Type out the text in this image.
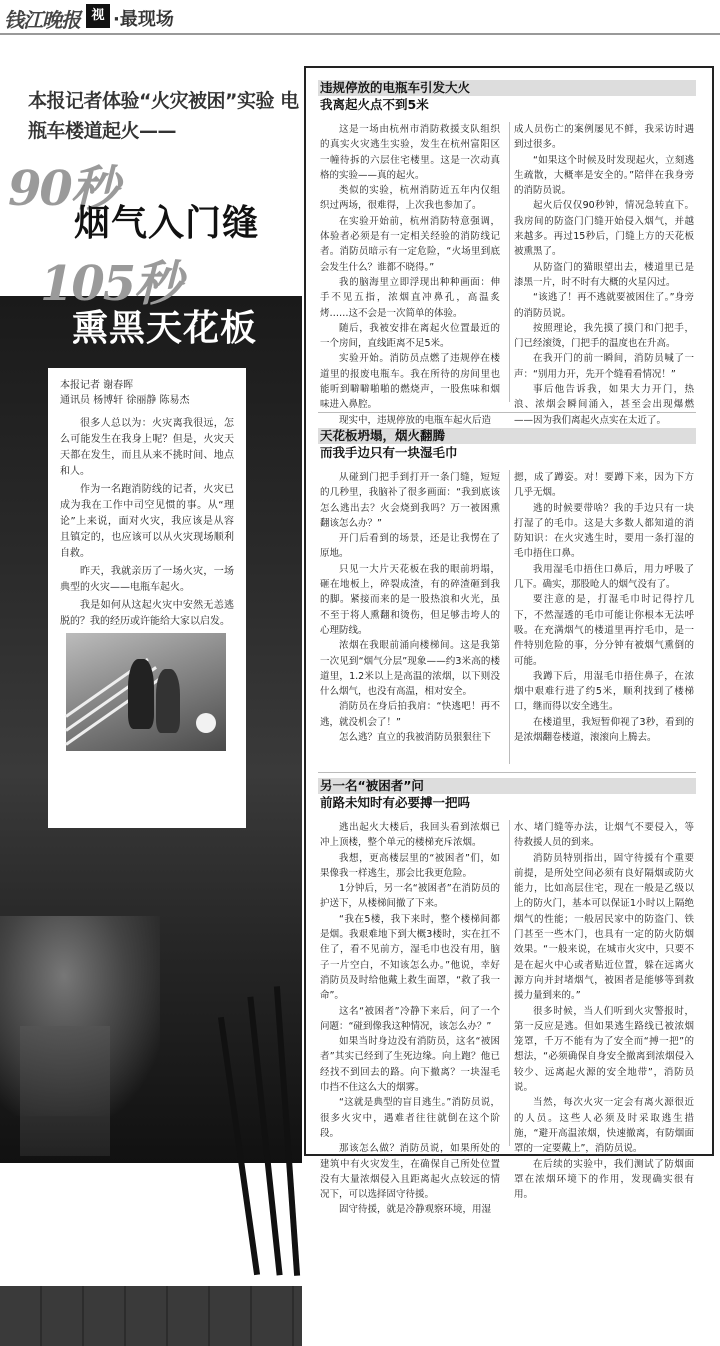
钱江晚报 视 ·最现场
本报记者体验“火灾被困”实验 电瓶车楼道起火——
90秒
烟气入门缝
105秒
熏黑天花板
本报记者 谢春晖
通讯员 杨博轩 徐丽静 陈易杰

很多人总以为：火灾离我很远，怎么可能发生在我身上呢？但是，火灾天天都在发生，而且从来不挑时间、地点和人。

作为一名跑消防线的记者，火灾已成为我在工作中司空见惯的事。从“理论”上来说，面对火灾，我应该是从容且镇定的，也应该可以从火灾现场顺利自救。

昨天，我就亲历了一场火灾，一场典型的火灾——电瓶车起火。

我是如何从这起火灾中安然无恙逃脱的？我的经历或许能给大家以启发。

违规停放的电瓶车引发大火
我离起火点不到5米

这是一场由杭州市消防救援支队组织的真实火灾逃生实验，发生在杭州富阳区一幢待拆的六层住宅楼里。这是一次动真格的实验——真的起火。

类似的实验，杭州消防近五年内仅组织过两场，很难得，上次我也参加了。

在实验开始前，杭州消防特意强调，体验者必须是有一定相关经验的消防线记者。消防员暗示有一定危险，“火场里到底会发生什么？谁都不晓得。”

我的脑海里立即浮现出种种画面：伸手不见五指，浓烟直冲鼻孔，高温炙烤……这不会是一次简单的体验。

随后，我被安排在离起火位置最近的一个房间，直线距离不足5米。

实验开始。消防员点燃了违规停在楼道里的报废电瓶车。我在所待的房间里也能听到噼噼啪啪的燃烧声，一股焦味和烟味进入鼻腔。

现实中，违规停放的电瓶车起火后造

成人员伤亡的案例屡见不鲜，我采访时遇到过很多。

“如果这个时候及时发现起火，立刻逃生疏散，大概率是安全的。”陪伴在我身旁的消防员说。

起火后仅仅90秒钟，情况急转直下。我房间的防盗门门缝开始侵入烟气，并越来越多。再过15秒后，门缝上方的天花板被熏黑了。

从防盗门的猫眼望出去，楼道里已是漆黑一片，时不时有大概的火星闪过。

“该逃了！再不逃就要被困住了。”身旁的消防员说。

按照理论，我先摸了摸门和门把手，门已经滚烫，门把手的温度也在升高。

在我开门的前一瞬间，消防员喊了一声：“别用力开，先开个缝看看情况！”

事后他告诉我，如果大力开门，热浪、浓烟会瞬间涌入，甚至会出现爆燃——因为我们离起火点实在太近了。

天花板坍塌，烟火翻腾
而我手边只有一块湿毛巾

从碰到门把手到打开一条门缝，短短的几秒里，我脑补了很多画面：“我到底该怎么逃出去？火会烧到我吗？万一被困熏翻该怎么办？”

开门后看到的场景，还是让我愣在了原地。

只见一大片天花板在我的眼前坍塌，砸在地板上，碎裂成渣，有的碎渣砸到我的脚。紧接而来的是一股热浪和火光，虽不至于将人熏翻和烫伤，但足够击垮人的心理防线。

浓烟在我眼前涌向楼梯间。这是我第一次见到“烟气分层”现象——约3米高的楼道里，1.2米以上是高温的浓烟，以下则没什么烟气，也没有高温，相对安全。

消防员在身后拍我肩：“快逃吧！再不逃，就没机会了！”

怎么逃？直立的我被消防员狠狠往下

摁，成了蹲姿。对！要蹲下来，因为下方几乎无烟。

逃的时候要带啥？我的手边只有一块打湿了的毛巾。这是大多数人都知道的消防知识：在火灾逃生时，要用一条打湿的毛巾捂住口鼻。

我用湿毛巾捂住口鼻后，用力呼吸了几下。确实，那股呛人的烟气没有了。

要注意的是，打湿毛巾时记得拧几下，不然湿透的毛巾可能让你根本无法呼吸。在充满烟气的楼道里再拧毛巾，是一件特别危险的事，分分钟有被烟气熏倒的可能。

我蹲下后，用湿毛巾捂住鼻子，在浓烟中艰难行进了约5米，顺利找到了楼梯口，继而得以安全逃生。

在楼道里，我短暂仰视了3秒，看到的是浓烟翻卷楼道，滚滚向上腾去。

另一名“被困者”问
前路未知时有必要搏一把吗

逃出起火大楼后，我回头看到浓烟已冲上顶楼，整个单元的楼梯充斥浓烟。

我想，更高楼层里的“被困者”们，如果像我一样逃生，那会比我更危险。

1分钟后，另一名“被困者”在消防员的护送下，从楼梯间撤了下来。

“我在5楼，我下来时，整个楼梯间都是烟。我艰难地下到大概3楼时，实在扛不住了，看不见前方，湿毛巾也没有用，脑子一片空白，不知该怎么办。”他说，幸好消防员及时给他戴上救生面罩，“救了我一命”。

这名“被困者”冷静下来后，问了一个问题：“碰到像我这种情况，该怎么办？”

如果当时身边没有消防员，这名“被困者”其实已经到了生死边缘。向上跑？他已经找不到回去的路。向下撤离？一块湿毛巾挡不住这么大的烟雾。

“这就是典型的盲目逃生。”消防员说，很多火灾中，遇难者往往就倒在这个阶段。

那该怎么做？消防员说，如果所处的建筑中有火灾发生，在确保自己所处位置没有大量浓烟侵入且距离起火点较远的情况下，可以选择固守待援。

固守待援，就是冷静观察环境，用湿

水、堵门缝等办法，让烟气不要侵入，等待救援人员的到来。

消防员特别指出，固守待援有个重要前提，是所处空间必须有良好隔烟或防火能力，比如高层住宅，现在一般是乙级以上的防火门，基本可以保证1小时以上隔绝烟气的性能；一般居民家中的防盗门、铁门甚至一些木门，也具有一定的防火防烟效果。“一般来说，在城市火灾中，只要不是在起火中心或者贴近位置，躲在远离火源方向并封堵烟气，被困者是能够等到救援力量到来的。”

很多时候，当人们听到火灾警报时，第一反应是逃。但如果逃生路线已被浓烟笼罩，千万不能有为了安全而“搏一把”的想法，“必须确保自身安全撤离到浓烟侵入较少、远离起火源的安全地带”，消防员说。

当然，每次火灾一定会有离火源很近的人员。这些人必须及时采取逃生措施，“避开高温浓烟，快速撤离，有防烟面罩的一定要戴上”，消防员说。

在后续的实验中，我们测试了防烟面罩在浓烟环境下的作用，发现确实很有用。
